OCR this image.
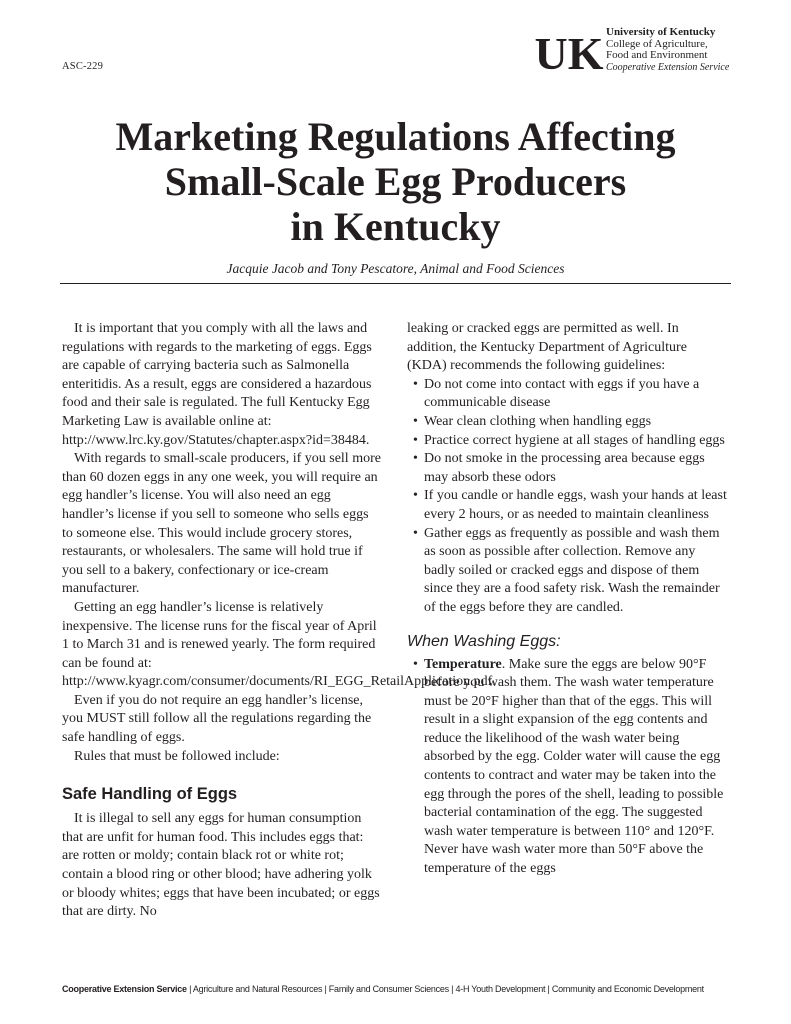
ASC-229	UK University of Kentucky
College of Agriculture,
Food and Environment
Cooperative Extension Service
Marketing Regulations Affecting
Small-Scale Egg Producers
in Kentucky
Jacquie Jacob and Tony Pescatore, Animal and Food Sciences

It is important that you comply with all the laws and regulations with regards to the marketing of eggs. Eggs are capable of carrying bacteria such as Salmonella enteritidis. As a result, eggs are considered a hazardous food and their sale is regulated. The full Kentucky Egg Marketing Law is available online at: http://www.lrc.ky.gov/Statutes/chapter.aspx?id=38484.

With regards to small-scale producers, if you sell more than 60 dozen eggs in any one week, you will require an egg handler’s license. You will also need an egg handler’s license if you sell to someone who sells eggs to someone else. This would include grocery stores, restaurants, or wholesalers. The same will hold true if you sell to a bakery, confectionary or ice-cream manufacturer.

Getting an egg handler’s license is relatively inexpensive. The license runs for the fiscal year of April 1 to March 31 and is renewed yearly. The form required can be found at: http://www.kyagr.com/consumer/documents/RI_EGG_RetailApplication.pdf.

Even if you do not require an egg handler’s license, you MUST still follow all the regulations regarding the safe handling of eggs.

Rules that must be followed include:

Safe Handling of Eggs

It is illegal to sell any eggs for human consumption that are unfit for human food. This includes eggs that: are rotten or moldy; contain black rot or white rot; contain a blood ring or other blood; have adhering yolk or bloody whites; eggs that have been incubated; or eggs that are dirty. No

leaking or cracked eggs are permitted as well. In addition, the Kentucky Department of Agriculture (KDA) recommends the following guidelines:

• Do not come into contact with eggs if you have a communicable disease
• Wear clean clothing when handling eggs
• Practice correct hygiene at all stages of handling eggs
• Do not smoke in the processing area because eggs may absorb these odors
• If you candle or handle eggs, wash your hands at least every 2 hours, or as needed to maintain cleanliness
• Gather eggs as frequently as possible and wash them as soon as possible after collection. Remove any badly soiled or cracked eggs and dispose of them since they are a food safety risk. Wash the remainder of the eggs before they are candled.
When Washing Eggs:
• Temperature. Make sure the eggs are below 90°F before you wash them. The wash water temperature must be 20°F higher than that of the eggs. This will result in a slight expansion of the egg contents and reduce the likelihood of the wash water being absorbed by the egg. Colder water will cause the egg contents to contract and water may be taken into the egg through the pores of the shell, leading to possible bacterial contamination of the egg. The suggested wash water temperature is between 110° and 120°F. Never have wash water more than 50°F above the temperature of the eggs
Cooperative Extension Service | Agriculture and Natural Resources | Family and Consumer Sciences | 4-H Youth Development | Community and Economic Development
